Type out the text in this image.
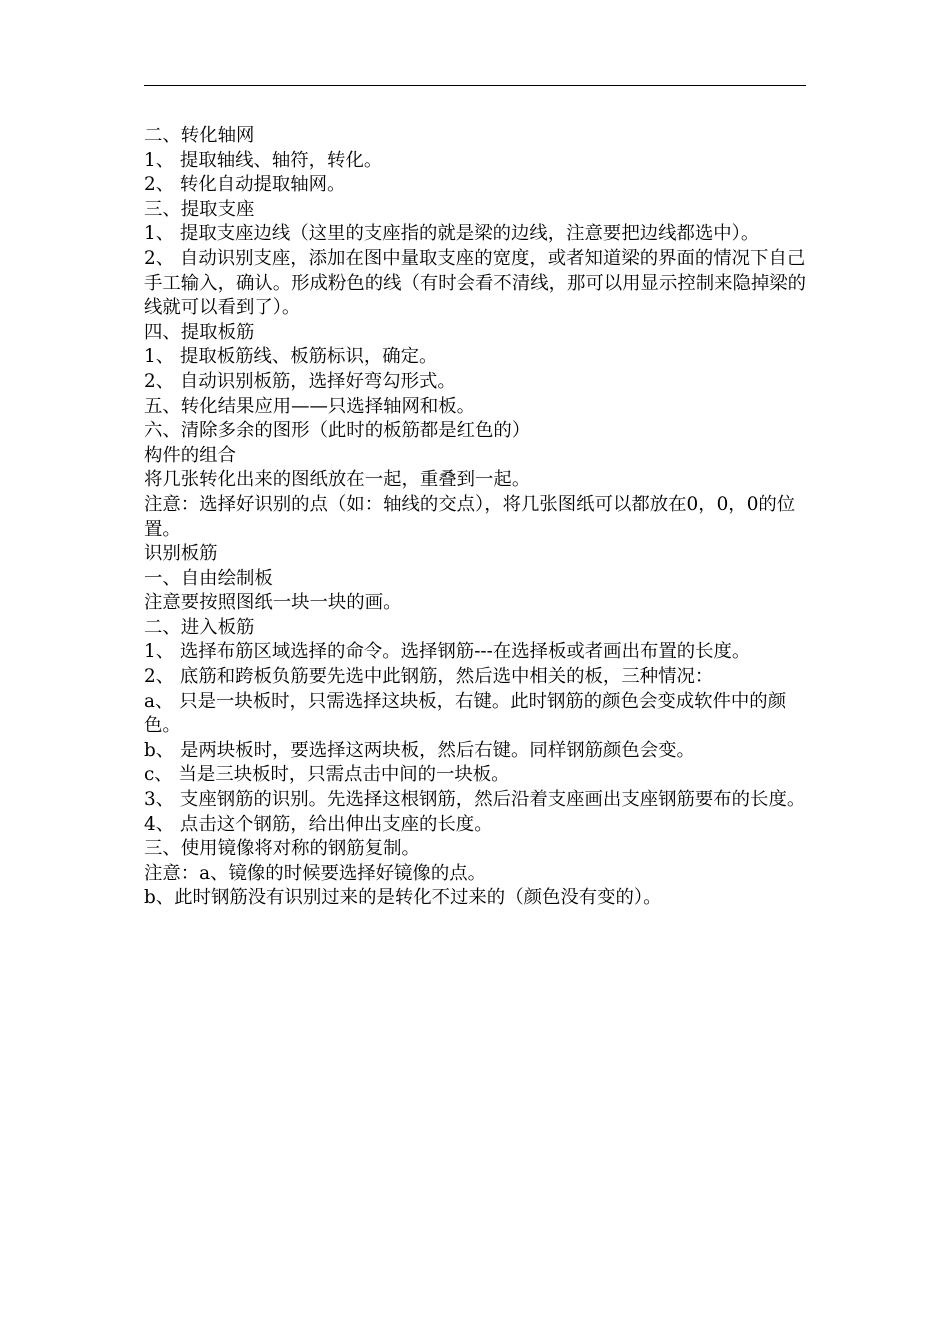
二、转化轴网

1、 提取轴线、轴符，转化。

2、 转化自动提取轴网。

三、提取支座

1、 提取支座边线（这里的支座指的就是梁的边线，注意要把边线都选中）。

2、 自动识别支座，添加在图中量取支座的宽度，或者知道梁的界面的情况下自己手工输入，确认。形成粉色的线（有时会看不清线，那可以用显示控制来隐掉梁的线就可以看到了）。

四、提取板筋

1、 提取板筋线、板筋标识，确定。

2、 自动识别板筋，选择好弯勾形式。

五、转化结果应用——只选择轴网和板。

六、清除多余的图形（此时的板筋都是红色的）

构件的组合

将几张转化出来的图纸放在一起，重叠到一起。

注意：选择好识别的点（如：轴线的交点），将几张图纸可以都放在0，0，0的位置。

识别板筋

一、自由绘制板

注意要按照图纸一块一块的画。

二、进入板筋

1、 选择布筋区域选择的命令。选择钢筋---在选择板或者画出布置的长度。

2、 底筋和跨板负筋要先选中此钢筋，然后选中相关的板，三种情况：

a、 只是一块板时，只需选择这块板，右键。此时钢筋的颜色会变成软件中的颜色。

b、 是两块板时，要选择这两块板，然后右键。同样钢筋颜色会变。

c、 当是三块板时，只需点击中间的一块板。

3、 支座钢筋的识别。先选择这根钢筋，然后沿着支座画出支座钢筋要布的长度。

4、 点击这个钢筋，给出伸出支座的长度。

三、使用镜像将对称的钢筋复制。

注意：a、镜像的时候要选择好镜像的点。

b、此时钢筋没有识别过来的是转化不过来的（颜色没有变的）。
